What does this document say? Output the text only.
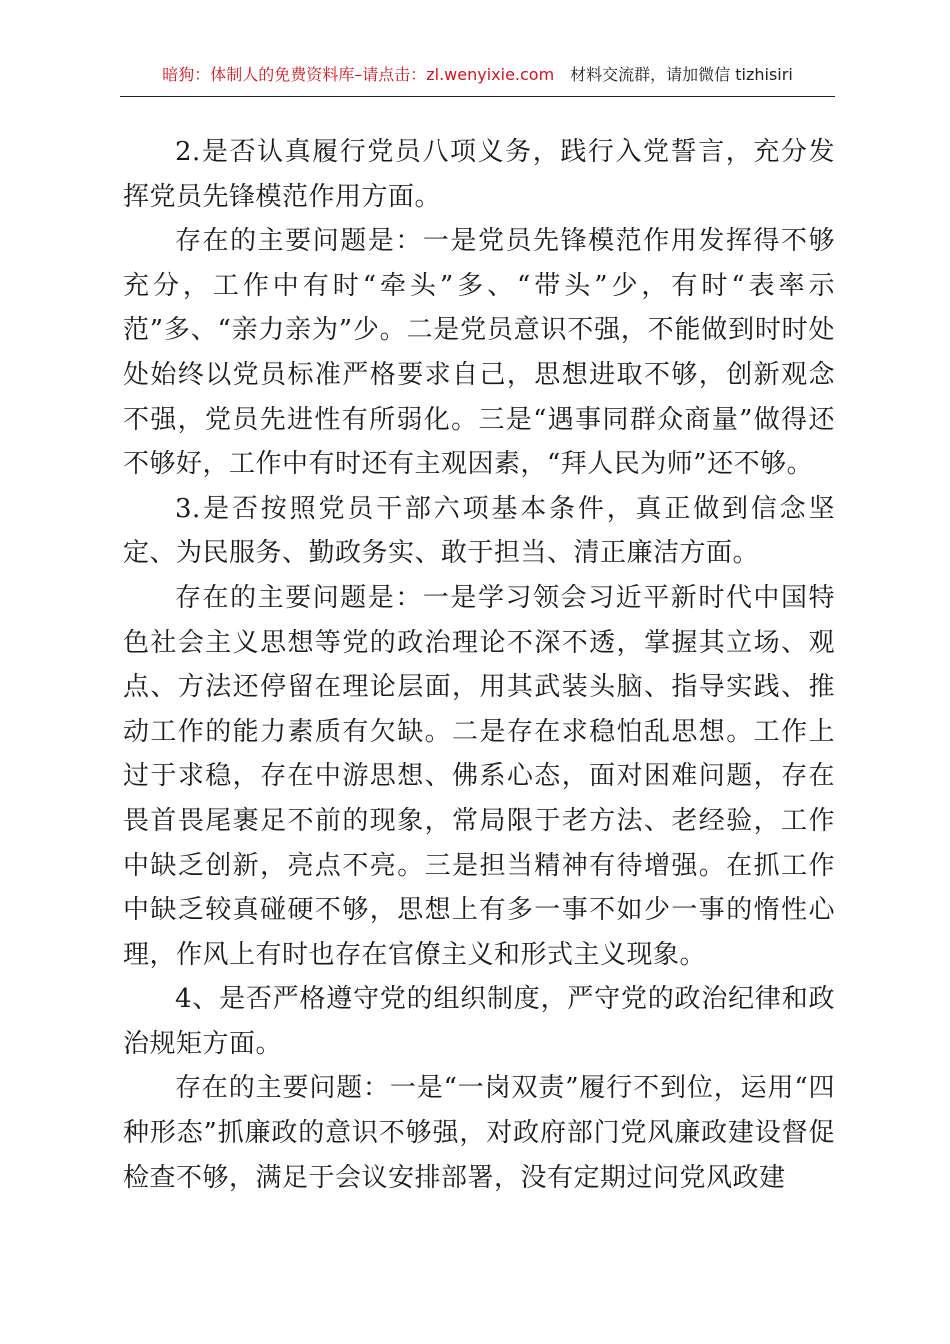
暗狗：体制人的免费资料库 –请点击：zl.wenyixie.com 材料交流群，请加微信 tizhisiri

2.是否认真履行党员八项义务，践行入党誓言，充分发挥党员先锋模范作用方面。

存在的主要问题是：一是党员先锋模范作用发挥得不够充分，工作中有时“牵头”多、“带头”少，有时“表率示范”多、“亲力亲为”少。二是党员意识不强，不能做到时时处处始终以党员标准严格要求自己，思想进取不够，创新观念不强，党员先进性有所弱化。三是“遇事同群众商量”做得还不够好，工作中有时还有主观因素，“拜人民为师”还不够。

3.是否按照党员干部六项基本条件，真正做到信念坚定、为民服务、勤政务实、敢于担当、清正廉洁方面。

存在的主要问题是：一是学习领会习近平新时代中国特色社会主义思想等党的政治理论不深不透，掌握其立场、观点、方法还停留在理论层面，用其武装头脑、指导实践、推动工作的能力素质有欠缺。二是存在求稳怕乱思想。工作上过于求稳，存在中游思想、佛系心态，面对困难问题，存在畏首畏尾裹足不前的现象，常局限于老方法、老经验，工作中缺乏创新，亮点不亮。三是担当精神有待增强。在抓工作中缺乏较真碰硬不够，思想上有多一事不如少一事的惰性心理，作风上有时也存在官僚主义和形式主义现象。

4、是否严格遵守党的组织制度，严守党的政治纪律和政治规矩方面。

存在的主要问题：一是“一岗双责”履行不到位，运用“四种形态”抓廉政的意识不够强，对政府部门党风廉政建设督促检查不够，满足于会议安排部署，没有定期过问党风政建
